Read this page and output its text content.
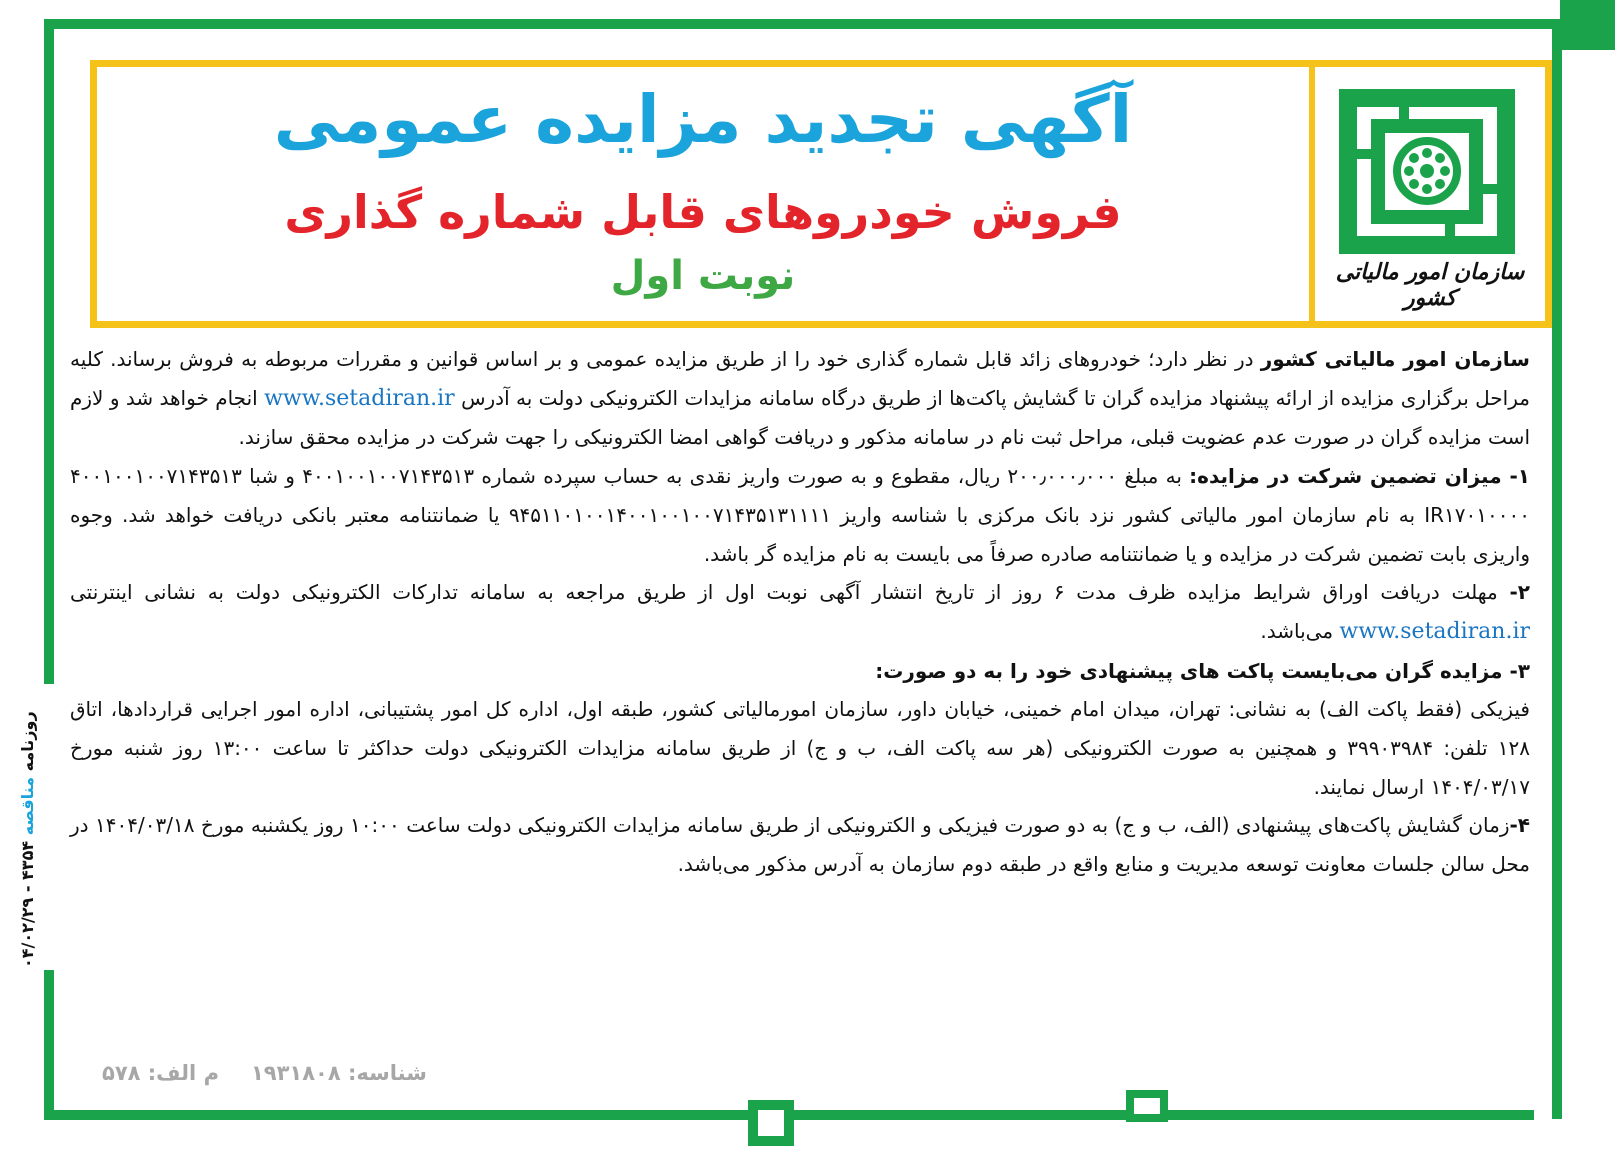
سازمان امور مالیاتی کشور
آگهی تجدید مزایده عمومی
فروش خودروهای قابل شماره گذاری
نوبت اول

سازمان امور مالیاتی کشور در نظر دارد؛ خودروهای زائد قابل شماره گذاری خود را از طریق مزایده عمومی و بر اساس قوانین و مقررات مربوطه به فروش برساند. کلیه مراحل برگزاری مزایده از ارائه پیشنهاد مزایده گران تا گشایش پاکت‌ها از طریق درگاه سامانه مزایدات الکترونیکی دولت به آدرس www.setadiran.ir انجام خواهد شد و لازم است مزایده گران در صورت عدم عضویت قبلی، مراحل ثبت نام در سامانه مذکور و دریافت گواهی امضا الکترونیکی را جهت شرکت در مزایده محقق سازند.

۱- میزان تضمین شرکت در مزایده: به مبلغ ۲۰۰٫۰۰۰٫۰۰۰ ریال، مقطوع و به صورت واریز نقدی به حساب سپرده شماره ۴۰۰۱۰۰۱۰۰۷۱۴۳۵۱۳ و شبا ۴۰۰۱۰۰۱۰۰۷۱۴۳۵۱۳ IR۱۷۰۱۰۰۰۰ به نام سازمان امور مالیاتی کشور نزد بانک مرکزی با شناسه واریز ۹۴۵۱۱۰۱۰۰۱۴۰۰۱۰۰۱۰۰۷۱۴۳۵۱۳۱۱۱۱ یا ضمانتنامه معتبر بانکی دریافت خواهد شد. وجوه واریزی بابت تضمین شرکت در مزایده و یا ضمانتنامه صادره صرفاً می بایست به نام مزایده گر باشد.

۲- مهلت دریافت اوراق شرایط مزایده ظرف مدت ۶ روز از تاریخ انتشار آگهی نوبت اول از طریق مراجعه به سامانه تدارکات الکترونیکی دولت به نشانی اینترنتی www.setadiran.ir می‌باشد.

۳- مزایده گران می‌بایست پاکت های پیشنهادی خود را به دو صورت:

فیزیکی (فقط پاکت الف) به نشانی: تهران، میدان امام خمینی، خیابان داور، سازمان امورمالیاتی کشور، طبقه اول، اداره کل امور پشتیبانی، اداره امور اجرایی قراردادها، اتاق ۱۲۸ تلفن: ۳۹۹۰۳۹۸۴ و همچنین به صورت الکترونیکی (هر سه پاکت الف، ب و ج) از طریق سامانه مزایدات الکترونیکی دولت حداکثر تا ساعت ۱۳:۰۰ روز شنبه مورخ ۱۴۰۴/۰۳/۱۷ ارسال نمایند.

۴-زمان گشایش پاکت‌های پیشنهادی (الف، ب و ج) به دو صورت فیزیکی و الکترونیکی از طریق سامانه مزایدات الکترونیکی دولت ساعت ۱۰:۰۰ روز یکشنبه مورخ ۱۴۰۴/۰۳/۱۸ در محل سالن جلسات معاونت توسعه مدیریت و منابع واقع در طبقه دوم سازمان به آدرس مذکور می‌باشد.

روزنامه مناقصه ۴۳۵۴ - ۰۴/۰۲/۲۹
شناسه: ۱۹۳۱۸۰۸م الف: ۵۷۸
